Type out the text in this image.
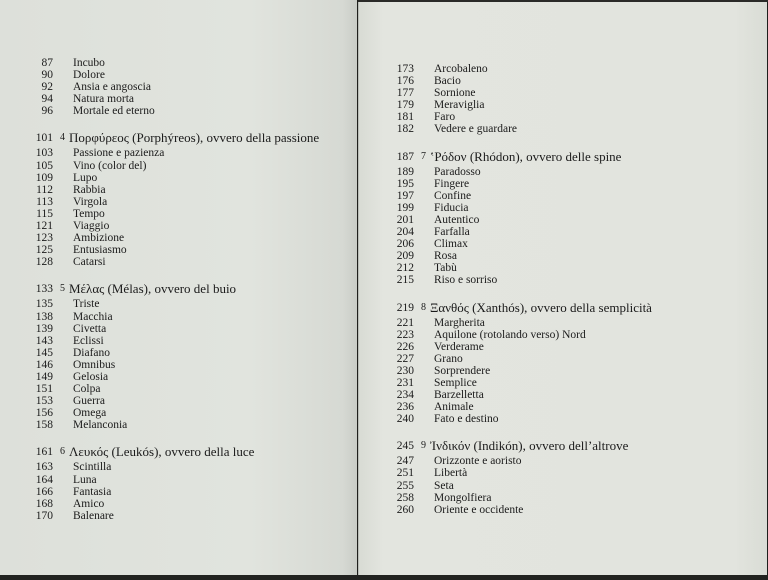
87	Incubo
90	Dolore
92	Ansia e angoscia
94	Natura morta
96	Mortale ed eterno
101 4 Πορφύρεος (Porphýreos), ovvero della passione
103	Passione e pazienza
105	Vino (color del)
109	Lupo
112	Rabbia
113	Virgola
115	Tempo
121	Viaggio
123	Ambizione
125	Entusiasmo
128	Catarsi
133 5 Μέλας (Mélas), ovvero del buio
135	Triste
138	Macchia
139	Civetta
143	Eclissi
145	Diafano
146	Omnibus
149	Gelosia
151	Colpa
153	Guerra
156	Omega
158	Melanconia
161 6 Λευκός (Leukós), ovvero della luce
163	Scintilla
164	Luna
166	Fantasia
168	Amico
170	Balenare
173	Arcobaleno
176	Bacio
177	Sornione
179	Meraviglia
181	Faro
182	Vedere e guardare
187 7 ʽΡόδον (Rhódon), ovvero delle spine
189	Paradosso
195	Fingere
197	Confine
199	Fiducia
201	Autentico
204	Farfalla
206	Climax
209	Rosa
212	Tabù
215	Riso e sorriso
219 8 Ξανθός (Xanthós), ovvero della semplicità
221	Margherita
223	Aquilone (rotolando verso) Nord
226	Verderame
227	Grano
230	Sorprendere
231	Semplice
234	Barzelletta
236	Animale
240	Fato e destino
245 9 Ἰνδικόν (Indikón), ovvero dell’altrove
247	Orizzonte e aoristo
251	Libertà
255	Seta
258	Mongolfiera
260	Oriente e occidente
